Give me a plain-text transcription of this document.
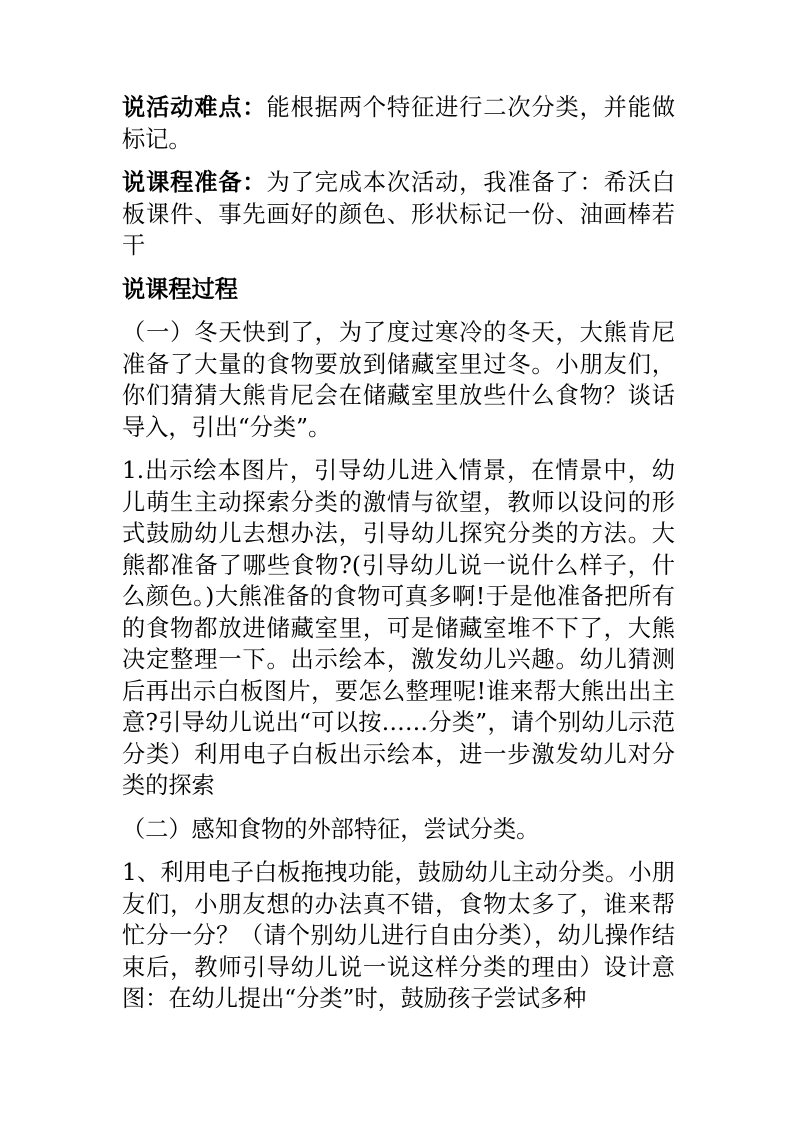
说活动难点：能根据两个特征进行二次分类，并能做标记。

说课程准备：为了完成本次活动，我准备了：希沃白板课件、事先画好的颜色、形状标记一份、油画棒若干

说课程过程

（一）冬天快到了，为了度过寒冷的冬天，大熊肯尼准备了大量的食物要放到储藏室里过冬。小朋友们，你们猜猜大熊肯尼会在储藏室里放些什么食物？谈话导入，引出“分类”。

1.出示绘本图片，引导幼儿进入情景，在情景中，幼儿萌生主动探索分类的激情与欲望，教师以设问的形式鼓励幼儿去想办法，引导幼儿探究分类的方法。大熊都准备了哪些食物?(引导幼儿说一说什么样子，什么颜色。)大熊准备的食物可真多啊!于是他准备把所有的食物都放进储藏室里，可是储藏室堆不下了，大熊决定整理一下。出示绘本，激发幼儿兴趣。幼儿猜测后再出示白板图片，要怎么整理呢!谁来帮大熊出出主意?引导幼儿说出“可以按……分类”，请个别幼儿示范分类）利用电子白板出示绘本，进一步激发幼儿对分类的探索

（二）感知食物的外部特征，尝试分类。

1、利用电子白板拖拽功能，鼓励幼儿主动分类。小朋友们，小朋友想的办法真不错，食物太多了，谁来帮忙分一分？（请个别幼儿进行自由分类），幼儿操作结束后，教师引导幼儿说一说这样分类的理由）设计意图：在幼儿提出“分类”时，鼓励孩子尝试多种
